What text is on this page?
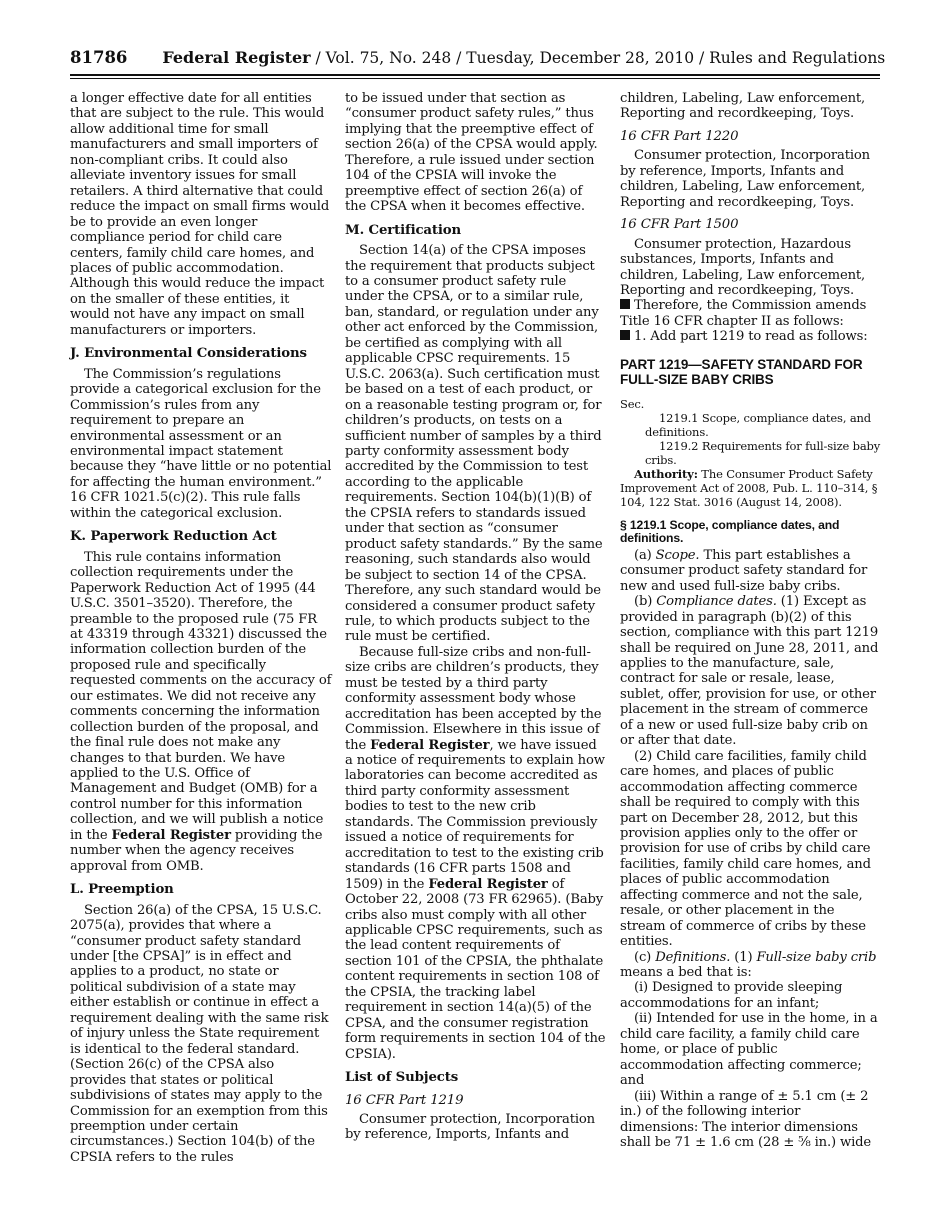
81786 Federal Register / Vol. 75, No. 248 / Tuesday, December 28, 2010 / Rules and Regulations

a longer effective date for all entities that are subject to the rule. This would allow additional time for small manufacturers and small importers of non-compliant cribs. It could also alleviate inventory issues for small retailers. A third alternative that could reduce the impact on small firms would be to provide an even longer compliance period for child care centers, family child care homes, and places of public accommodation. Although this would reduce the impact on the smaller of these entities, it would not have any impact on small manufacturers or importers.

J. Environmental Considerations

The Commission’s regulations provide a categorical exclusion for the Commission’s rules from any requirement to prepare an environmental assessment or an environmental impact statement because they “have little or no potential for affecting the human environment.” 16 CFR 1021.5(c)(2). This rule falls within the categorical exclusion.

K. Paperwork Reduction Act

This rule contains information collection requirements under the Paperwork Reduction Act of 1995 (44 U.S.C. 3501–3520). Therefore, the preamble to the proposed rule (75 FR at 43319 through 43321) discussed the information collection burden of the proposed rule and specifically requested comments on the accuracy of our estimates. We did not receive any comments concerning the information collection burden of the proposal, and the final rule does not make any changes to that burden. We have applied to the U.S. Office of Management and Budget (OMB) for a control number for this information collection, and we will publish a notice in the Federal Register providing the number when the agency receives approval from OMB.

L. Preemption

Section 26(a) of the CPSA, 15 U.S.C. 2075(a), provides that where a “consumer product safety standard under [the CPSA]” is in effect and applies to a product, no state or political subdivision of a state may either establish or continue in effect a requirement dealing with the same risk of injury unless the State requirement is identical to the federal standard. (Section 26(c) of the CPSA also provides that states or political subdivisions of states may apply to the Commission for an exemption from this preemption under certain circumstances.) Section 104(b) of the CPSIA refers to the rules

to be issued under that section as “consumer product safety rules,” thus implying that the preemptive effect of section 26(a) of the CPSA would apply. Therefore, a rule issued under section 104 of the CPSIA will invoke the preemptive effect of section 26(a) of the CPSA when it becomes effective.

M. Certification

Section 14(a) of the CPSA imposes the requirement that products subject to a consumer product safety rule under the CPSA, or to a similar rule, ban, standard, or regulation under any other act enforced by the Commission, be certified as complying with all applicable CPSC requirements. 15 U.S.C. 2063(a). Such certification must be based on a test of each product, or on a reasonable testing program or, for children’s products, on tests on a sufficient number of samples by a third party conformity assessment body accredited by the Commission to test according to the applicable requirements. Section 104(b)(1)(B) of the CPSIA refers to standards issued under that section as “consumer product safety standards.” By the same reasoning, such standards also would be subject to section 14 of the CPSA. Therefore, any such standard would be considered a consumer product safety rule, to which products subject to the rule must be certified.

Because full-size cribs and non-full-size cribs are children’s products, they must be tested by a third party conformity assessment body whose accreditation has been accepted by the Commission. Elsewhere in this issue of the Federal Register, we have issued a notice of requirements to explain how laboratories can become accredited as third party conformity assessment bodies to test to the new crib standards. The Commission previously issued a notice of requirements for accreditation to test to the existing crib standards (16 CFR parts 1508 and 1509) in the Federal Register of October 22, 2008 (73 FR 62965). (Baby cribs also must comply with all other applicable CPSC requirements, such as the lead content requirements of section 101 of the CPSIA, the phthalate content requirements in section 108 of the CPSIA, the tracking label requirement in section 14(a)(5) of the CPSA, and the consumer registration form requirements in section 104 of the CPSIA).

List of Subjects
16 CFR Part 1219

Consumer protection, Incorporation by reference, Imports, Infants and

children, Labeling, Law enforcement, Reporting and recordkeeping, Toys.

16 CFR Part 1220

Consumer protection, Incorporation by reference, Imports, Infants and children, Labeling, Law enforcement, Reporting and recordkeeping, Toys.

16 CFR Part 1500

Consumer protection, Hazardous substances, Imports, Infants and children, Labeling, Law enforcement, Reporting and recordkeeping, Toys.

Therefore, the Commission amends Title 16 CFR chapter II as follows:

1. Add part 1219 to read as follows:

PART 1219—SAFETY STANDARD FOR FULL-SIZE BABY CRIBS
Sec.

1219.1 Scope, compliance dates, and definitions.

1219.2 Requirements for full-size baby cribs.

Authority: The Consumer Product Safety Improvement Act of 2008, Pub. L. 110–314, § 104, 122 Stat. 3016 (August 14, 2008).

§ 1219.1 Scope, compliance dates, and definitions.

(a) Scope. This part establishes a consumer product safety standard for new and used full-size baby cribs.

(b) Compliance dates. (1) Except as provided in paragraph (b)(2) of this section, compliance with this part 1219 shall be required on June 28, 2011, and applies to the manufacture, sale, contract for sale or resale, lease, sublet, offer, provision for use, or other placement in the stream of commerce of a new or used full-size baby crib on or after that date.

(2) Child care facilities, family child care homes, and places of public accommodation affecting commerce shall be required to comply with this part on December 28, 2012, but this provision applies only to the offer or provision for use of cribs by child care facilities, family child care homes, and places of public accommodation affecting commerce and not the sale, resale, or other placement in the stream of commerce of cribs by these entities.

(c) Definitions. (1) Full-size baby crib means a bed that is:

(i) Designed to provide sleeping accommodations for an infant;

(ii) Intended for use in the home, in a child care facility, a family child care home, or place of public accommodation affecting commerce; and

(iii) Within a range of ± 5.1 cm (± 2 in.) of the following interior dimensions: The interior dimensions shall be 71 ± 1.6 cm (28 ± ⁵⁄₈ in.) wide
